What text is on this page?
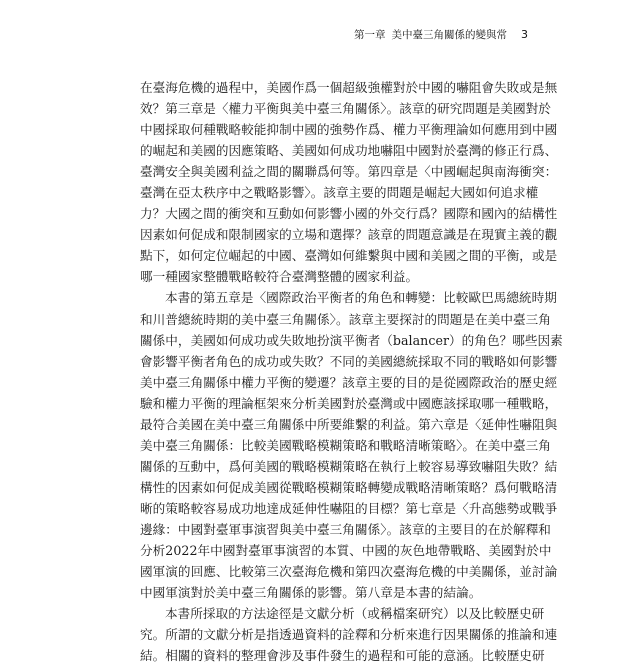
第一章 美中臺三角關係的變與常 3
在臺海危機的過程中，美國作爲一個超級強權對於中國的嚇阻會失敗或是無
效？第三章是〈權力平衡與美中臺三角關係〉。該章的研究問題是美國對於
中國採取何種戰略較能抑制中國的強勢作爲、權力平衡理論如何應用到中國
的崛起和美國的因應策略、美國如何成功地嚇阻中國對於臺灣的修正行爲、
臺灣安全與美國利益之間的關聯爲何等。第四章是〈中國崛起與南海衝突：
臺灣在亞太秩序中之戰略影響〉。該章主要的問題是崛起大國如何追求權
力？大國之間的衝突和互動如何影響小國的外交行爲？國際和國內的結構性
因素如何促成和限制國家的立場和選擇？該章的問題意識是在現實主義的觀
點下，如何定位崛起的中國、臺灣如何維繫與中國和美國之間的平衡，或是
哪一種國家整體戰略較符合臺灣整體的國家利益。
本書的第五章是〈國際政治平衡者的角色和轉變：比較歐巴馬總統時期
和川普總統時期的美中臺三角關係〉。該章主要探討的問題是在美中臺三角
關係中，美國如何成功或失敗地扮演平衡者（balancer）的角色？哪些因素
會影響平衡者角色的成功或失敗？不同的美國總統採取不同的戰略如何影響
美中臺三角關係中權力平衡的變遷？該章主要的目的是從國際政治的歷史經
驗和權力平衡的理論框架來分析美國對於臺灣或中國應該採取哪一種戰略，
最符合美國在美中臺三角關係中所要維繫的利益。第六章是〈延伸性嚇阻與
美中臺三角關係：比較美國戰略模糊策略和戰略清晰策略〉。在美中臺三角
關係的互動中，爲何美國的戰略模糊策略在執行上較容易導致嚇阻失敗？結
構性的因素如何促成美國從戰略模糊策略轉變成戰略清晰策略？爲何戰略清
晰的策略較容易成功地達成延伸性嚇阻的目標？第七章是〈升高態勢或戰爭
邊緣：中國對臺軍事演習與美中臺三角關係〉。該章的主要目的在於解釋和
分析2022年中國對臺軍事演習的本質、中國的灰色地帶戰略、美國對於中
國軍演的回應、比較第三次臺海危機和第四次臺海危機的中美關係，並討論
中國軍演對於美中臺三角關係的影響。第八章是本書的結論。
本書所採取的方法途徑是文獻分析（或稱檔案研究）以及比較歷史研
究。所謂的文獻分析是指透過資料的詮釋和分析來進行因果關係的推論和連
結。相關的資料的整理會涉及事件發生的過程和可能的意涵。比較歷史研
